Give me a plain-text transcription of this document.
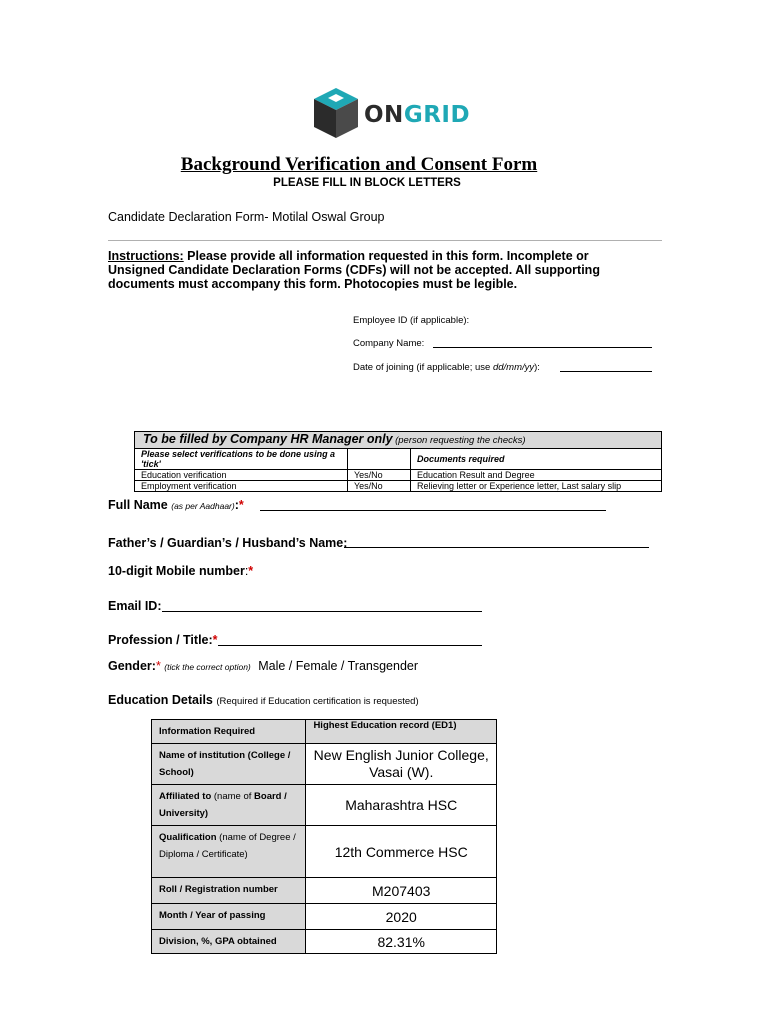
ONGRID
Background Verification and Consent Form
PLEASE FILL IN BLOCK LETTERS
Candidate Declaration Form- Motilal Oswal Group
Instructions: Please provide all information requested in this form. Incomplete or Unsigned Candidate Declaration Forms (CDFs) will not be accepted. All supporting documents must accompany this form. Photocopies must be legible.
Employee ID (if applicable):
Company Name:
Date of joining (if applicable; use dd/mm/yy):
To be filled by Company HR Manager only (person requesting the checks)		
Please select verifications to be done using a 'tick'		Documents required
Education verification	Yes/No	Education Result and Degree
Employment verification	Yes/No	Relieving letter or Experience letter, Last salary slip
Full Name (as per Aadhaar):*
Father’s / Guardian’s / Husband’s Name:
10-digit Mobile number:*
Email ID:
Profession / Title:*
Gender:* (tick the correct option) Male / Female / Transgender
Education Details (Required if Education certification is requested)
Information Required	Highest Education record (ED1)
Name of institution (College / School)	New English Junior College, Vasai (W).
Affiliated to (name of Board / University)	Maharashtra HSC
Qualification (name of Degree / Diploma / Certificate)	12th Commerce HSC
Roll / Registration number	M207403
Month / Year of passing	2020
Division, %, GPA obtained	82.31%
